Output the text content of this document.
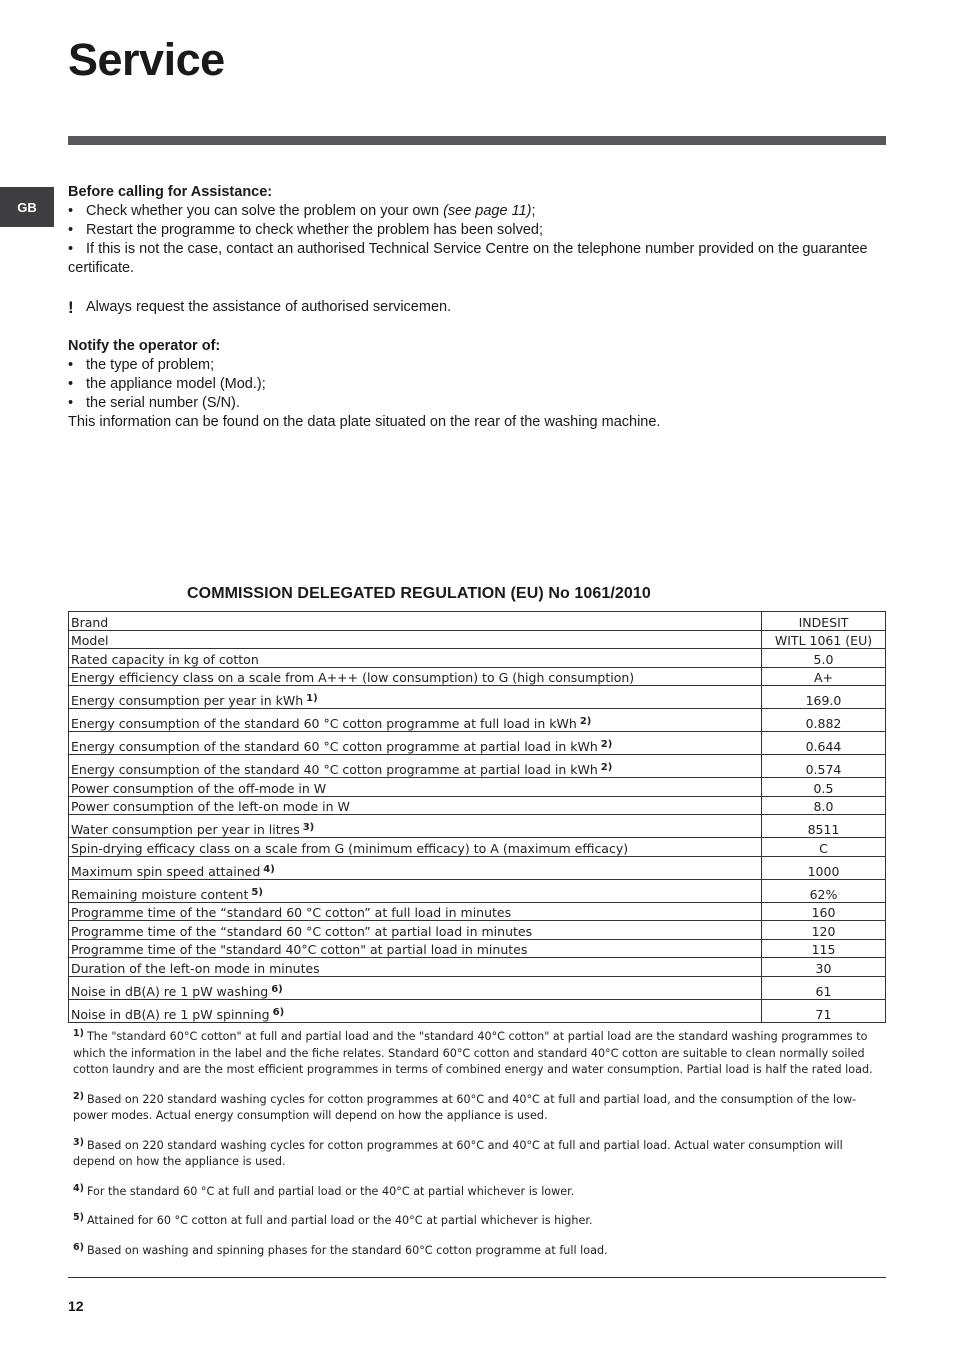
Service
GB

Before calling for Assistance:

• Check whether you can solve the problem on your own (see page 11);
• Restart the programme to check whether the problem has been solved;
• If this is not the case, contact an authorised Technical Service Centre on the telephone number provided on the guarantee certificate.
! Always request the assistance of authorised servicemen.

Notify the operator of:

• the type of problem;
• the appliance model (Mod.);
• the serial number (S/N).

This information can be found on the data plate situated on the rear of the washing machine.

COMMISSION DELEGATED REGULATION (EU) No 1061/2010
Brand	INDESIT
Model	WITL 1061 (EU)
Rated capacity in kg of cotton	5.0
Energy efficiency class on a scale from A+++ (low consumption) to G (high consumption)	A+
Energy consumption per year in kWh $^{1)}$	169.0
Energy consumption of the standard 60 °C cotton programme at full load in kWh $^{2)}$	0.882
Energy consumption of the standard 60 °C cotton programme at partial load in kWh $^{2)}$	0.644
Energy consumption of the standard 40 °C cotton programme at partial load in kWh $^{2)}$	0.574
Power consumption of the off-mode in W	0.5
Power consumption of the left-on mode in W	8.0
Water consumption per year in litres $^{3)}$	8511
Spin-drying efficacy class on a scale from G (minimum efficacy) to A (maximum efficacy)	C
Maximum spin speed attained $^{4)}$	1000
Remaining moisture content $^{5)}$	62%
Programme time of the “standard 60 °C cotton” at full load in minutes	160
Programme time of the “standard 60 °C cotton” at partial load in minutes	120
Programme time of the "standard 40°C cotton" at partial load in minutes	115
Duration of the left-on mode in minutes	30
Noise in dB(A) re 1 pW washing $^{6)}$	61
Noise in dB(A) re 1 pW spinning $^{6)}$	71

$^{1)}$ The "standard 60°C cotton" at full and partial load and the "standard 40°C cotton" at partial load are the standard washing programmes to which the information in the label and the fiche relates. Standard 60°C cotton and standard 40°C cotton are suitable to clean normally soiled cotton laundry and are the most efficient programmes in terms of combined energy and water consumption. Partial load is half the rated load.

$^{2)}$ Based on 220 standard washing cycles for cotton programmes at 60°C and 40°C at full and partial load, and the consumption of the low-power modes. Actual energy consumption will depend on how the appliance is used.

$^{3)}$ Based on 220 standard washing cycles for cotton programmes at 60°C and 40°C at full and partial load. Actual water consumption will depend on how the appliance is used.

$^{4)}$ For the standard 60 °C at full and partial load or the 40°C at partial whichever is lower.

$^{5)}$ Attained for 60 °C cotton at full and partial load or the 40°C at partial whichever is higher.

$^{6)}$ Based on washing and spinning phases for the standard 60°C cotton programme at full load.

12
